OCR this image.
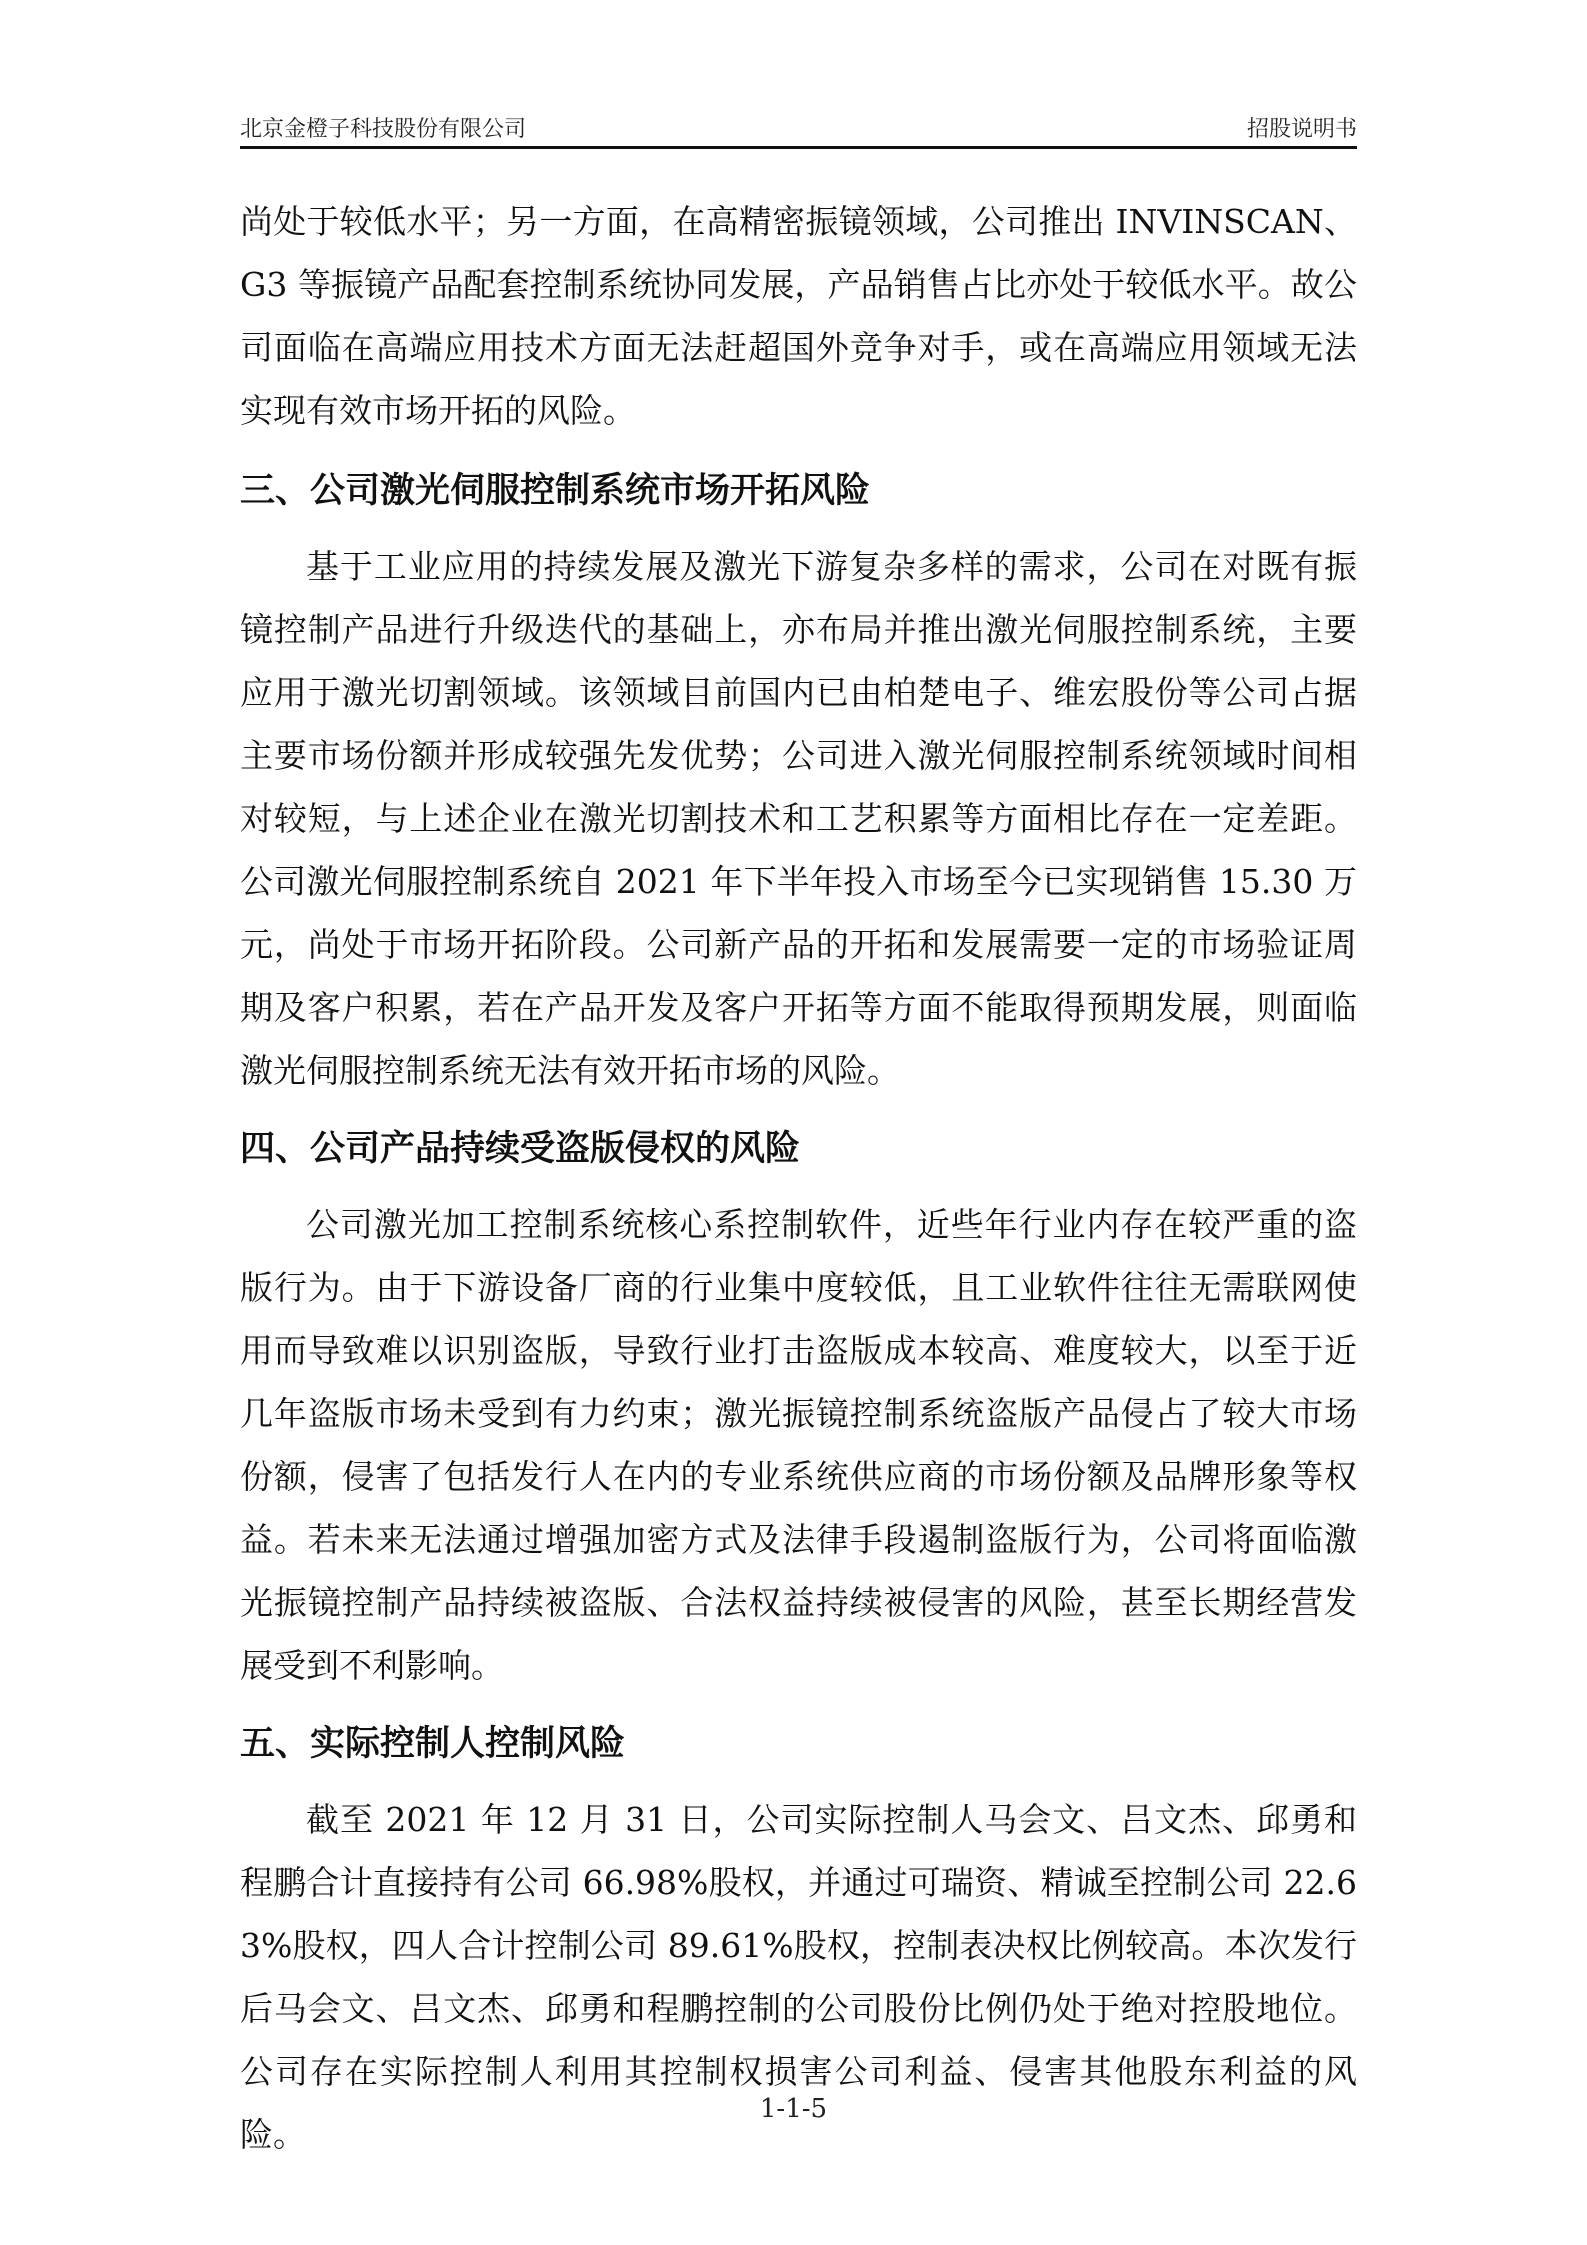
北京金橙子科技股份有限公司	招股说明书

尚处于较低水平；另一方面，在高精密振镜领域，公司推出 INVINSCAN、G3 等振镜产品配套控制系统协同发展，产品销售占比亦处于较低水平。故公司面临在高端应用技术方面无法赶超国外竞争对手，或在高端应用领域无法实现有效市场开拓的风险。

三、公司激光伺服控制系统市场开拓风险

基于工业应用的持续发展及激光下游复杂多样的需求，公司在对既有振镜控制产品进行升级迭代的基础上，亦布局并推出激光伺服控制系统，主要应用于激光切割领域。该领域目前国内已由柏楚电子、维宏股份等公司占据主要市场份额并形成较强先发优势；公司进入激光伺服控制系统领域时间相对较短，与上述企业在激光切割技术和工艺积累等方面相比存在一定差距。公司激光伺服控制系统自 2021 年下半年投入市场至今已实现销售 15.30 万元，尚处于市场开拓阶段。公司新产品的开拓和发展需要一定的市场验证周期及客户积累，若在产品开发及客户开拓等方面不能取得预期发展，则面临激光伺服控制系统无法有效开拓市场的风险。

四、公司产品持续受盗版侵权的风险

公司激光加工控制系统核心系控制软件，近些年行业内存在较严重的盗版行为。由于下游设备厂商的行业集中度较低，且工业软件往往无需联网使用而导致难以识别盗版，导致行业打击盗版成本较高、难度较大，以至于近几年盗版市场未受到有力约束；激光振镜控制系统盗版产品侵占了较大市场份额，侵害了包括发行人在内的专业系统供应商的市场份额及品牌形象等权益。若未来无法通过增强加密方式及法律手段遏制盗版行为，公司将面临激光振镜控制产品持续被盗版、合法权益持续被侵害的风险，甚至长期经营发展受到不利影响。

五、实际控制人控制风险

截至 2021 年 12 月 31 日，公司实际控制人马会文、吕文杰、邱勇和程鹏合计直接持有公司 66.98%股权，并通过可瑞资、精诚至控制公司 22.63%股权，四人合计控制公司 89.61%股权，控制表决权比例较高。本次发行后马会文、吕文杰、邱勇和程鹏控制的公司股份比例仍处于绝对控股地位。公司存在实际控制人利用其控制权损害公司利益、侵害其他股东利益的风险。

1-1-5
